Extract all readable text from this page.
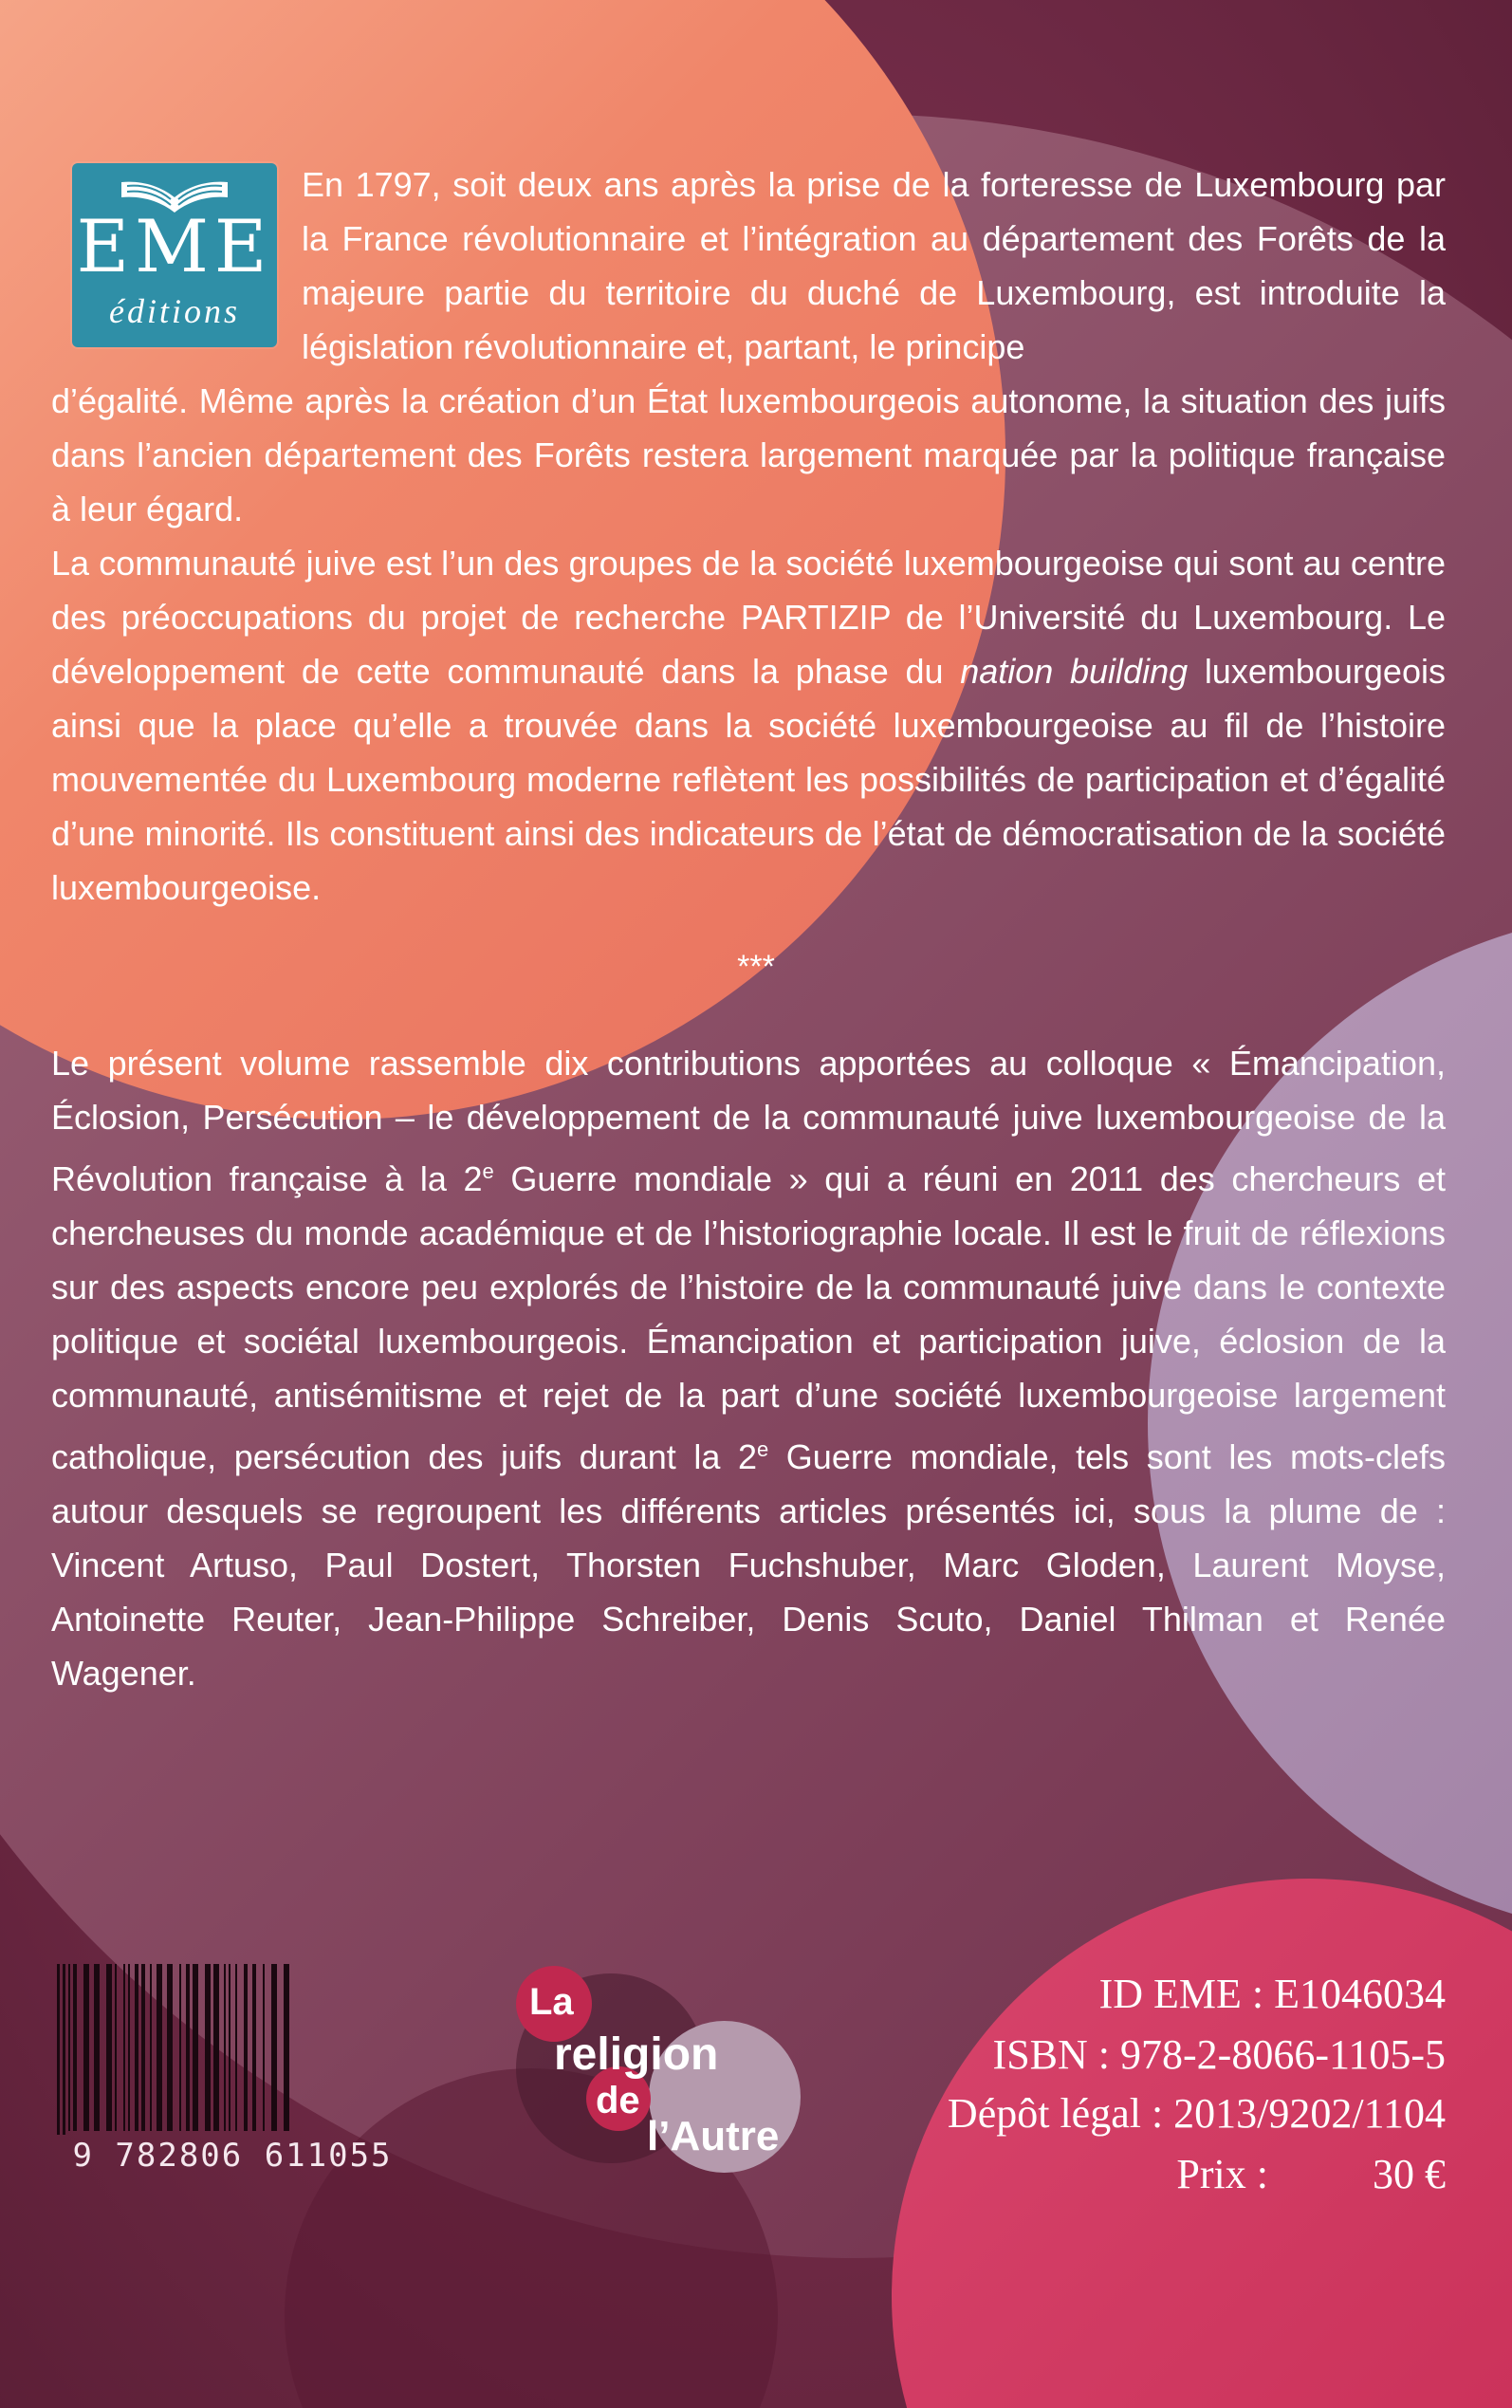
EME
éditions

En 1797, soit deux ans après la prise de la forteresse de Luxembourg par la France révolutionnaire et l’intégration au département des Forêts de la majeure partie du territoire du duché de Luxembourg, est introduite la législation révolutionnaire et, partant, le principe

d’égalité. Même après la création d’un État luxembourgeois autonome, la situation des juifs dans l’ancien département des Forêts restera largement marquée par la politique française à leur égard.

La communauté juive est l’un des groupes de la société luxembourgeoise qui sont au centre des préoccupations du projet de recherche PARTIZIP de l’Université du Luxembourg. Le développement de cette communauté dans la phase du nation building luxembourgeois ainsi que la place qu’elle a trouvée dans la société luxembourgeoise au fil de l’histoire mouvementée du Luxembourg moderne reflètent les possibilités de participation et d’égalité d’une minorité. Ils constituent ainsi des indicateurs de l’état de démocratisation de la société luxembourgeoise.

***

Le présent volume rassemble dix contributions apportées au colloque « Émancipation, Éclosion, Persécution – le développement de la communauté juive luxembourgeoise de la Révolution française à la 2e Guerre mondiale » qui a réuni en 2011 des chercheurs et chercheuses du monde académique et de l’historiographie locale. Il est le fruit de réflexions sur des aspects encore peu explorés de l’histoire de la communauté juive dans le contexte politique et sociétal luxembourgeois. Émancipation et participation juive, éclosion de la communauté, antisémitisme et rejet de la part d’une société luxembourgeoise largement catholique, persécution des juifs durant la 2e Guerre mondiale, tels sont les mots-clefs autour desquels se regroupent les différents articles présentés ici, sous la plume de : Vincent Artuso, Paul Dostert, Thorsten Fuchshuber, Marc Gloden, Laurent Moyse, Antoinette Reuter, Jean-Philippe Schreiber, Denis Scuto, Daniel Thilman et Renée Wagener.

9 782806 611055
La
religion
de
l’Autre
ID EME : E1046034
ISBN : 978-2-8066-1105-5
Dépôt légal : 2013/9202/1104
Prix :	30 €
